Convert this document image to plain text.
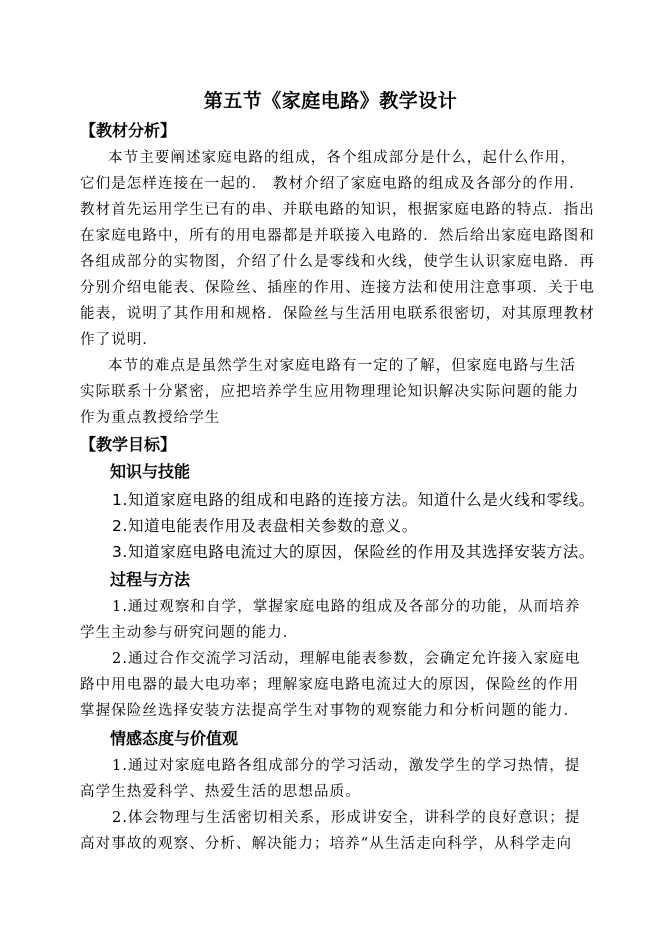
第五节《家庭电路》教学设计
【教材分析】
本节主要阐述家庭电路的组成，各个组成部分是什么，起什么作用，
它们是怎样连接在一起的． 教材介绍了家庭电路的组成及各部分的作用.
教材首先运用学生已有的串、并联电路的知识，根据家庭电路的特点．指出
在家庭电路中，所有的用电器都是并联接入电路的．然后给出家庭电路图和
各组成部分的实物图，介绍了什么是零线和火线，使学生认识家庭电路．再
分别介绍电能表、保险丝、插座的作用、连接方法和使用注意事项．关于电
能表，说明了其作用和规格．保险丝与生活用电联系很密切，对其原理教材
作了说明．
本节的难点是虽然学生对家庭电路有一定的了解，但家庭电路与生活
实际联系十分紧密，应把培养学生应用物理理论知识解决实际问题的能力
作为重点教授给学生
【教学目标】
知识与技能
1.知道家庭电路的组成和电路的连接方法。知道什么是火线和零线。
2.知道电能表作用及表盘相关参数的意义。
3.知道家庭电路电流过大的原因，保险丝的作用及其选择安装方法。
过程与方法
1.通过观察和自学，掌握家庭电路的组成及各部分的功能，从而培养
学生主动参与研究问题的能力．
2.通过合作交流学习活动，理解电能表参数，会确定允许接入家庭电
路中用电器的最大电功率；理解家庭电路电流过大的原因，保险丝的作用
掌握保险丝选择安装方法提高学生对事物的观察能力和分析问题的能力．
情感态度与价值观
1.通过对家庭电路各组成部分的学习活动，激发学生的学习热情，提
高学生热爱科学、热爱生活的思想品质。
2.体会物理与生活密切相关系，形成讲安全，讲科学的良好意识；提
高对事故的观察、分析、解决能力；培养“从生活走向科学，从科学走向
